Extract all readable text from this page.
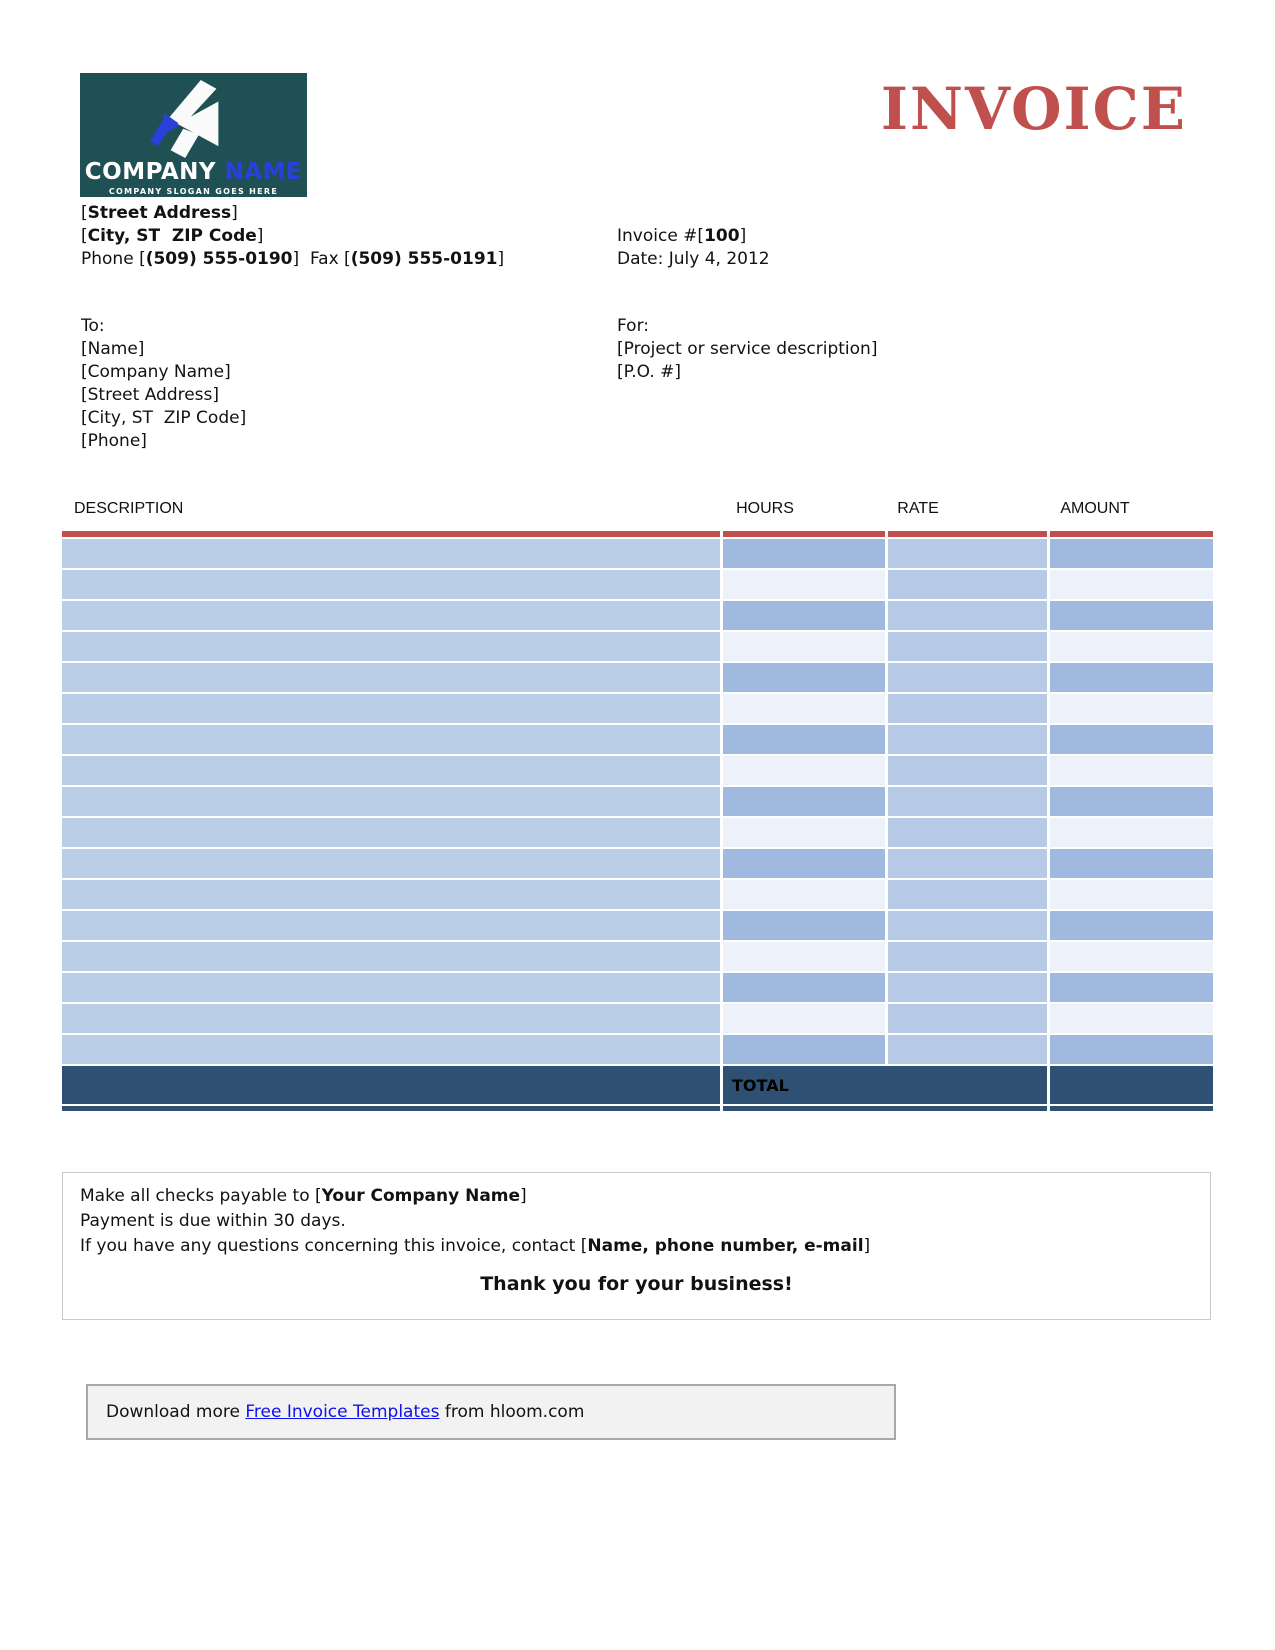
COMPANY NAME
COMPANY SLOGAN GOES HERE
INVOICE
[Street Address]
[City, ST  ZIP Code]
Phone [(509) 555-0190]  Fax [(509) 555-0191]
Invoice #[100]
Date: July 4, 2012
To:
[Name]
[Company Name]
[Street Address]
[City, ST  ZIP Code]
[Phone]
For:
[Project or service description]
[P.O. #]
DESCRIPTION	HOURS	RATE	AMOUNT
TOTAL
Make all checks payable to [Your Company Name]
Payment is due within 30 days.
If you have any questions concerning this invoice, contact [Name, phone number, e-mail]
Thank you for your business!
Download more Free Invoice Templates from hloom.com
